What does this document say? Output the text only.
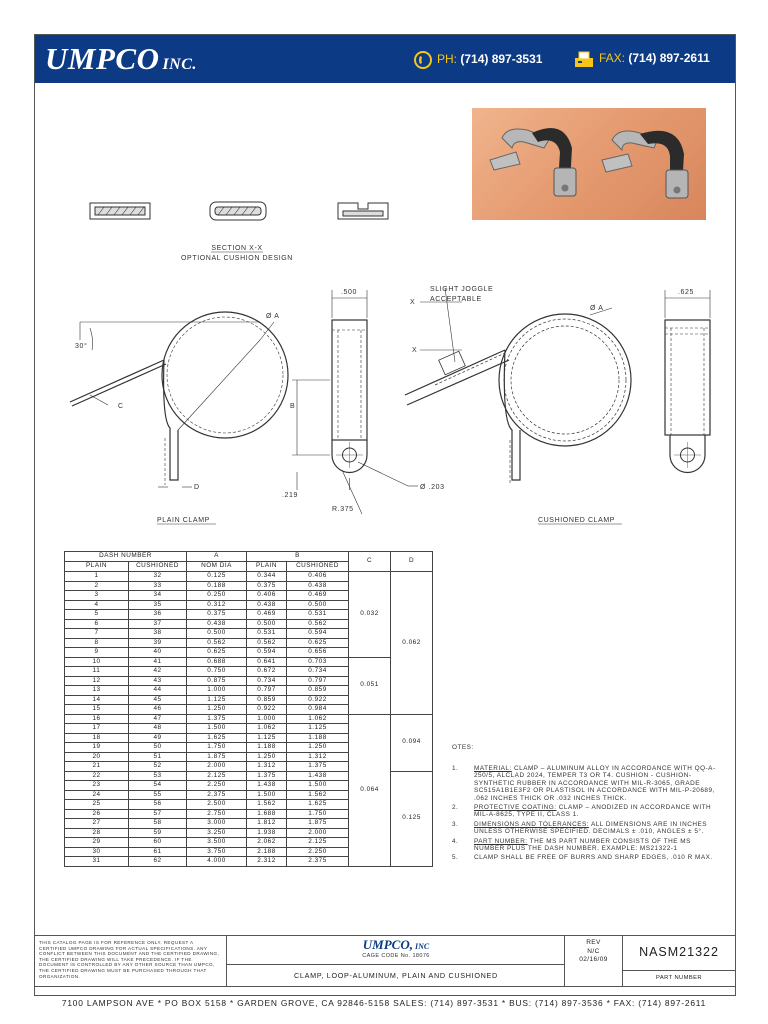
UMPCO INC.	PH: (714) 897-3531	FAX: (714) 897-2611
SECTION X-X
OPTIONAL CUSHION DESIGN
30°
C
D
Ø A
PLAIN CLAMP
.500
B
.219
Ø .203
R.375
SLIGHT JOGGLE
ACCEPTABLE
X
X
Ø A
CUSHIONED CLAMP
.625
DASH NUMBER		A	B		C	D
PLAIN	CUSHIONED	NOM DIA	PLAIN	CUSHIONED		
1	32	0.125	0.344	0.406	0.032	0.062
2	33	0.188	0.375	0.438		
3	34	0.250	0.406	0.469		
4	35	0.312	0.438	0.500		
5	36	0.375	0.469	0.531		
6	37	0.438	0.500	0.562		
7	38	0.500	0.531	0.594		
8	39	0.562	0.562	0.625		
9	40	0.625	0.594	0.656		
10	41	0.688	0.641	0.703	0.051	
11	42	0.750	0.672	0.734		
12	43	0.875	0.734	0.797		
13	44	1.000	0.797	0.859		
14	45	1.125	0.859	0.922		
15	46	1.250	0.922	0.984		
16	47	1.375	1.000	1.062	0.064	0.094
17	48	1.500	1.062	1.125		
18	49	1.625	1.125	1.188		
19	50	1.750	1.188	1.250		
20	51	1.875	1.250	1.312		
21	52	2.000	1.312	1.375		
22	53	2.125	1.375	1.438		0.125
23	54	2.250	1.438	1.500		
24	55	2.375	1.500	1.562		
25	56	2.500	1.562	1.625		
26	57	2.750	1.688	1.750		
27	58	3.000	1.812	1.875		
28	59	3.250	1.938	2.000		
29	60	3.500	2.062	2.125		
30	61	3.750	2.188	2.250		
31	62	4.000	2.312	2.375		
OTES:
1. MATERIAL: CLAMP – ALUMINUM ALLOY IN ACCORDANCE WITH QQ-A-250/5, ALCLAD 2024, TEMPER T3 OR T4. CUSHION - CUSHION-SYNTHETIC RUBBER IN ACCORDANCE WITH MIL-R-3065, GRADE SC515A1B1E3F2 OR PLASTISOL IN ACCORDANCE WITH MIL-P-20689, .062 INCHES THICK OR .032 INCHES THICK.
2. PROTECTIVE COATING: CLAMP – ANODIZED IN ACCORDANCE WITH MIL-A-8625, TYPE II, CLASS 1.
3. DIMENSIONS AND TOLERANCES: ALL DIMENSIONS ARE IN INCHES UNLESS OTHERWISE SPECIFIED. DECIMALS ± .010, ANGLES ± 5°.
4. PART NUMBER: THE MS PART NUMBER CONSISTS OF THE MS NUMBER PLUS THE DASH NUMBER. EXAMPLE: MS21322-1
5. CLAMP SHALL BE FREE OF BURRS AND SHARP EDGES, .010 R MAX.
THIS CATALOG PAGE IS FOR REFERENCE ONLY. REQUEST A CERTIFIED UMPCO DRAWING FOR ACTUAL SPECIFICATIONS. ANY CONFLICT BETWEEN THIS DOCUMENT AND THE CERTIFIED DRAWING, THE CERTIFIED DRAWING WILL TAKE PRECEDENCE. IF THE DOCUMENT IS CONTROLLED BY ANY OTHER SOURCE THAN UMPCO, THE CERTIFIED DRAWING MUST BE PURCHASED THROUGH THAT ORGANIZATION.
UMPCO, INC
CAGE CODE No. 18076
CLAMP, LOOP-ALUMINUM, PLAIN AND CUSHIONED
REV
N/C
02/16/09
NASM21322
PART NUMBER
7100 LAMPSON AVE * PO BOX 5158 * GARDEN GROVE, CA 92846-5158 SALES: (714) 897-3531 * BUS: (714) 897-3536 * FAX: (714) 897-2611
